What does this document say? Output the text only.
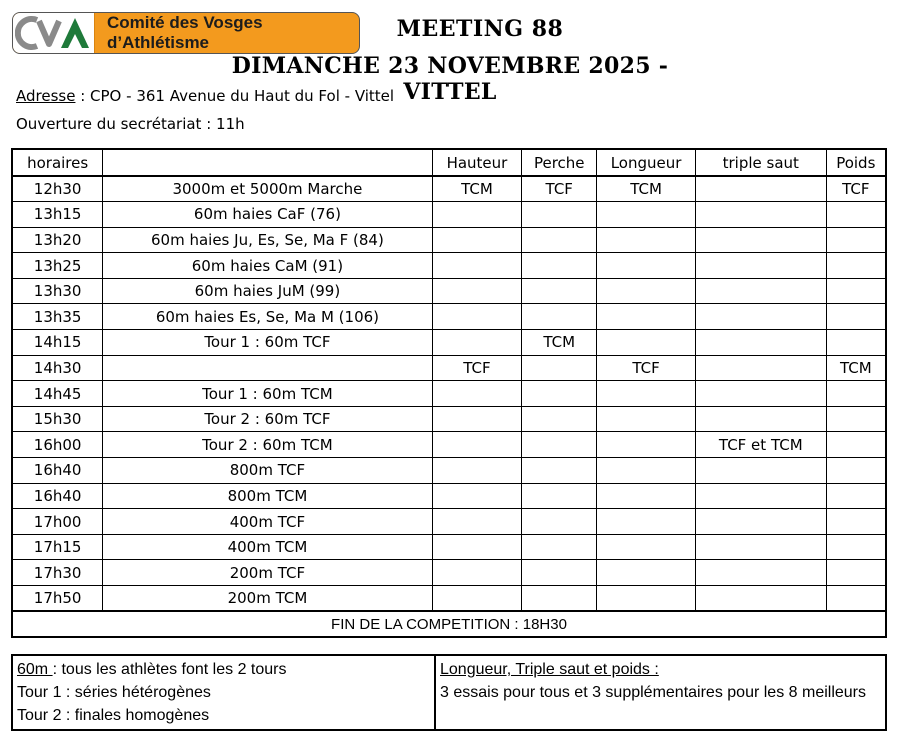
Comité des Vosges d’Athlétisme
MEETING 88
DIMANCHE 23 NOVEMBRE 2025 - VITTEL
Adresse : CPO - 361 Avenue du Haut du Fol - Vittel
Ouverture du secrétariat : 11h
horaires		Hauteur	Perche	Longueur	triple saut	Poids
12h30	3000m et 5000m Marche	TCM	TCF	TCM		TCF
13h15	60m haies CaF (76)					
13h20	60m haies Ju, Es, Se, Ma F (84)					
13h25	60m haies CaM (91)					
13h30	60m haies JuM (99)					
13h35	60m haies Es, Se, Ma M (106)					
14h15	Tour 1 : 60m TCF		TCM			
14h30		TCF		TCF		TCM
14h45	Tour 1 : 60m TCM					
15h30	Tour 2 : 60m TCF					
16h00	Tour 2 : 60m TCM				TCF et TCM	
16h40	800m TCF					
16h40	800m TCM					
17h00	400m TCF					
17h15	400m TCM					
17h30	200m TCF					
17h50	200m TCM					
FIN DE LA COMPETITION : 18H30						
60m : tous les athlètes font les 2 tours
Tour 1 : séries hétérogènes
Tour 2 : finales homogènes

Longueur, Triple saut et poids :
3 essais pour tous et 3 supplémentaires pour les 8 meilleurs
